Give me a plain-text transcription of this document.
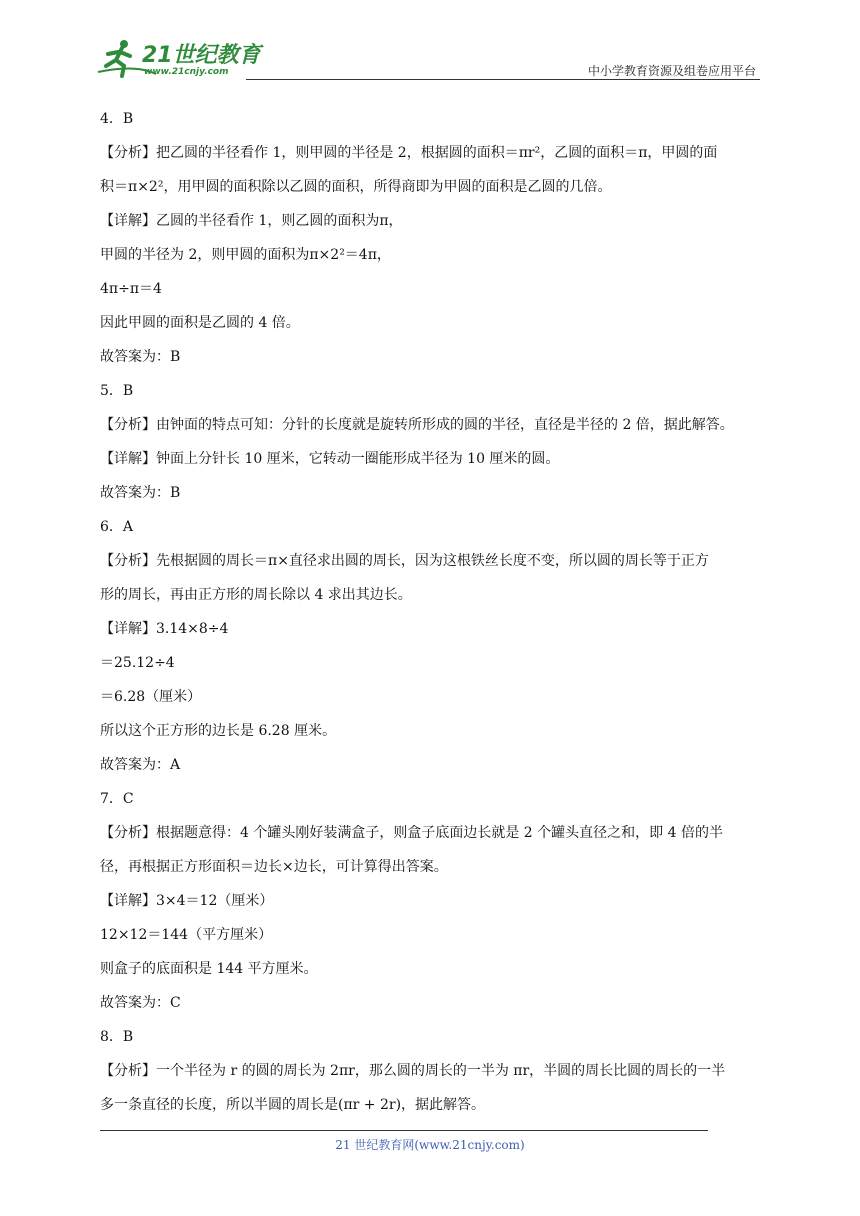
21世纪教育
www.21cnjy.com	中小学教育资源及组卷应用平台
4．B
【分析】把乙圆的半径看作 1，则甲圆的半径是 2，根据圆的面积＝πr²，乙圆的面积＝π，甲圆的面
积＝π×2²，用甲圆的面积除以乙圆的面积，所得商即为甲圆的面积是乙圆的几倍。
【详解】乙圆的半径看作 1，则乙圆的面积为π，
甲圆的半径为 2，则甲圆的面积为π×2²＝4π，
4π÷π＝4
因此甲圆的面积是乙圆的 4 倍。
故答案为：B
5．B
【分析】由钟面的特点可知：分针的长度就是旋转所形成的圆的半径，直径是半径的 2 倍，据此解答。
【详解】钟面上分针长 10 厘米，它转动一圈能形成半径为 10 厘米的圆。
故答案为：B
6．A
【分析】先根据圆的周长＝π×直径求出圆的周长，因为这根铁丝长度不变，所以圆的周长等于正方
形的周长，再由正方形的周长除以 4 求出其边长。
【详解】3.14×8÷4
＝25.12÷4
＝6.28（厘米）
所以这个正方形的边长是 6.28 厘米。
故答案为：A
7．C
【分析】根据题意得：4 个罐头刚好装满盒子，则盒子底面边长就是 2 个罐头直径之和，即 4 倍的半
径，再根据正方形面积＝边长×边长，可计算得出答案。
【详解】3×4＝12（厘米）
12×12＝144（平方厘米）
则盒子的底面积是 144 平方厘米。
故答案为：C
8．B
【分析】一个半径为 r 的圆的周长为 2πr，那么圆的周长的一半为 πr，半圆的周长比圆的周长的一半
多一条直径的长度，所以半圆的周长是(πr + 2r)，据此解答。
21 世纪教育网(www.21cnjy.com)
